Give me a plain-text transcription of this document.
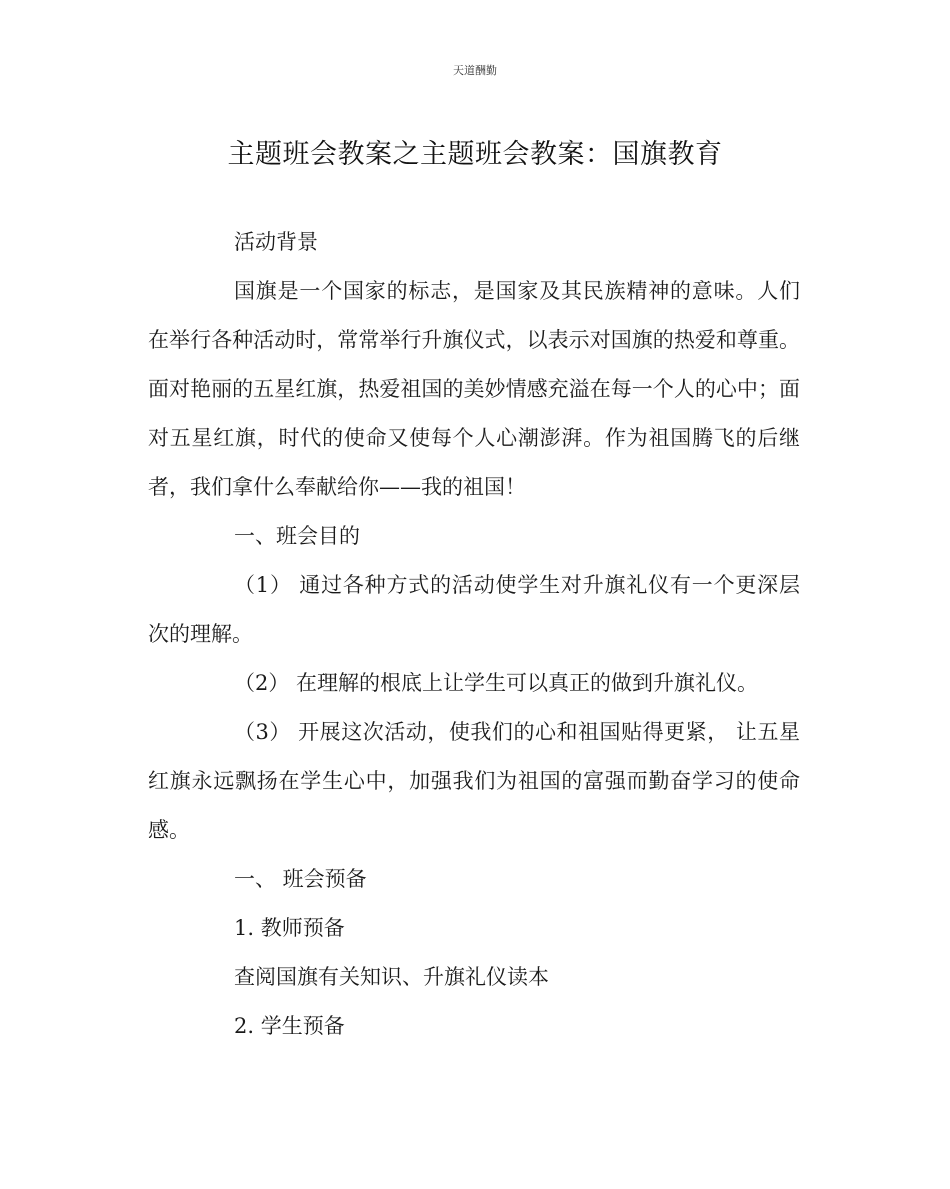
天道酬勤
主题班会教案之主题班会教案：国旗教育

活动背景

国旗是一个国家的标志，是国家及其民族精神的意味。人们在举行各种活动时，常常举行升旗仪式，以表示对国旗的热爱和尊重。面对艳丽的五星红旗，热爱祖国的美妙情感充溢在每一个人的心中；面对五星红旗，时代的使命又使每个人心潮澎湃。作为祖国腾飞的后继者，我们拿什么奉献给你——我的祖国！

一、班会目的

（1） 通过各种方式的活动使学生对升旗礼仪有一个更深层次的理解。

（2） 在理解的根底上让学生可以真正的做到升旗礼仪。

（3） 开展这次活动，使我们的心和祖国贴得更紧， 让五星红旗永远飘扬在学生心中，加强我们为祖国的富强而勤奋学习的使命感。

一、 班会预备

1. 教师预备

查阅国旗有关知识、升旗礼仪读本

2. 学生预备
